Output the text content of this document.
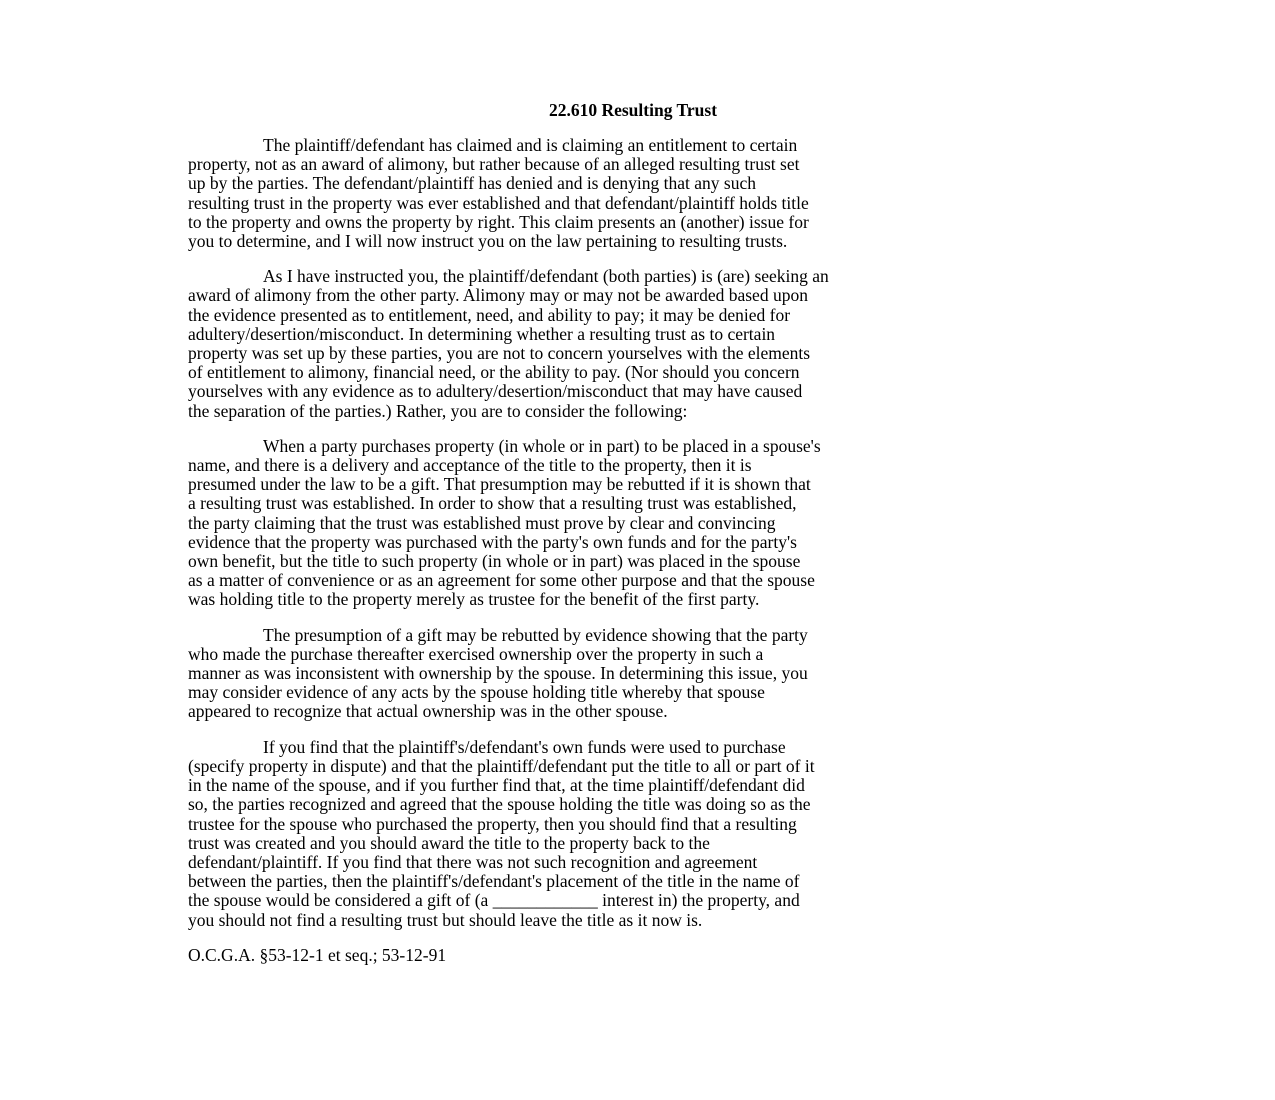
22.610 Resulting Trust
The plaintiff/defendant has claimed and is claiming an entitlement to certain
property, not as an award of alimony, but rather because of an alleged resulting trust set
up by the parties. The defendant/plaintiff has denied and is denying that any such
resulting trust in the property was ever established and that defendant/plaintiff holds title
to the property and owns the property by right. This claim presents an (another) issue for
you to determine, and I will now instruct you on the law pertaining to resulting trusts.
As I have instructed you, the plaintiff/defendant (both parties) is (are) seeking an
award of alimony from the other party. Alimony may or may not be awarded based upon
the evidence presented as to entitlement, need, and ability to pay; it may be denied for
adultery/desertion/misconduct. In determining whether a resulting trust as to certain
property was set up by these parties, you are not to concern yourselves with the elements
of entitlement to alimony, financial need, or the ability to pay. (Nor should you concern
yourselves with any evidence as to adultery/desertion/misconduct that may have caused
the separation of the parties.) Rather, you are to consider the following:
When a party purchases property (in whole or in part) to be placed in a spouse's
name, and there is a delivery and acceptance of the title to the property, then it is
presumed under the law to be a gift. That presumption may be rebutted if it is shown that
a resulting trust was established. In order to show that a resulting trust was established,
the party claiming that the trust was established must prove by clear and convincing
evidence that the property was purchased with the party's own funds and for the party's
own benefit, but the title to such property (in whole or in part) was placed in the spouse
as a matter of convenience or as an agreement for some other purpose and that the spouse
was holding title to the property merely as trustee for the benefit of the first party.
The presumption of a gift may be rebutted by evidence showing that the party
who made the purchase thereafter exercised ownership over the property in such a
manner as was inconsistent with ownership by the spouse. In determining this issue, you
may consider evidence of any acts by the spouse holding title whereby that spouse
appeared to recognize that actual ownership was in the other spouse.
If you find that the plaintiff's/defendant's own funds were used to purchase
(specify property in dispute) and that the plaintiff/defendant put the title to all or part of it
in the name of the spouse, and if you further find that, at the time plaintiff/defendant did
so, the parties recognized and agreed that the spouse holding the title was doing so as the
trustee for the spouse who purchased the property, then you should find that a resulting
trust was created and you should award the title to the property back to the
defendant/plaintiff. If you find that there was not such recognition and agreement
between the parties, then the plaintiff's/defendant's placement of the title in the name of
the spouse would be considered a gift of (a ____________ interest in) the property, and
you should not find a resulting trust but should leave the title as it now is.
O.C.G.A. §53-12-1 et seq.; 53-12-91
